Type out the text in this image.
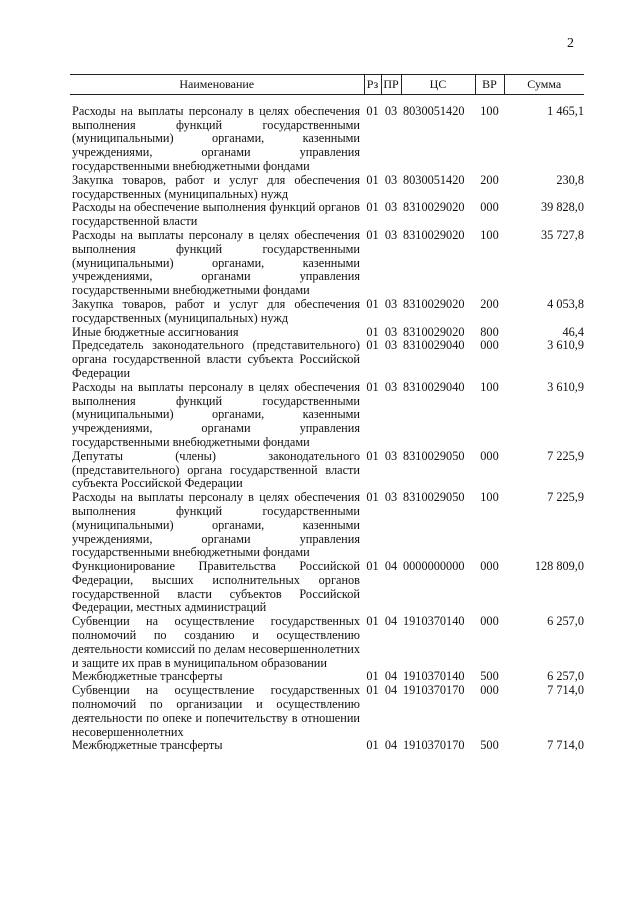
2
Наименование	Рз	ПР	ЦС	ВР	Сумма
Расходы на выплаты персоналу в целях обеспечения выполнения функций государственными (муниципальными) органами, казенными учреждениями, органами управления государственными внебюджетными фондами	01	03	8030051420	100	1 465,1
Закупка товаров, работ и услуг для обеспечения государственных (муниципальных) нужд	01	03	8030051420	200	230,8
Расходы на обеспечение выполнения функций органов государственной власти	01	03	8310029020	000	39 828,0
Расходы на выплаты персоналу в целях обеспечения выполнения функций государственными (муниципальными) органами, казенными учреждениями, органами управления государственными внебюджетными фондами	01	03	8310029020	100	35 727,8
Закупка товаров, работ и услуг для обеспечения государственных (муниципальных) нужд	01	03	8310029020	200	4 053,8
Иные бюджетные ассигнования	01	03	8310029020	800	46,4
Председатель законодательного (представительного) органа государственной власти субъекта Российской Федерации	01	03	8310029040	000	3 610,9
Расходы на выплаты персоналу в целях обеспечения выполнения функций государственными (муниципальными) органами, казенными учреждениями, органами управления государственными внебюджетными фондами	01	03	8310029040	100	3 610,9
Депутаты (члены) законодательного (представительного) органа государственной власти субъекта Российской Федерации	01	03	8310029050	000	7 225,9
Расходы на выплаты персоналу в целях обеспечения выполнения функций государственными (муниципальными) органами, казенными учреждениями, органами управления государственными внебюджетными фондами	01	03	8310029050	100	7 225,9
Функционирование Правительства Российской Федерации, высших исполнительных органов государственной власти субъектов Российской Федерации, местных администраций	01	04	0000000000	000	128 809,0
Субвенции на осуществление государственных полномочий по созданию и осуществлению деятельности комиссий по делам несовершеннолетних и защите их прав в муниципальном образовании	01	04	1910370140	000	6 257,0
Межбюджетные трансферты	01	04	1910370140	500	6 257,0
Субвенции на осуществление государственных полномочий по организации и осуществлению деятельности по опеке и попечительству в отношении несовершеннолетних	01	04	1910370170	000	7 714,0
Межбюджетные трансферты	01	04	1910370170	500	7 714,0
